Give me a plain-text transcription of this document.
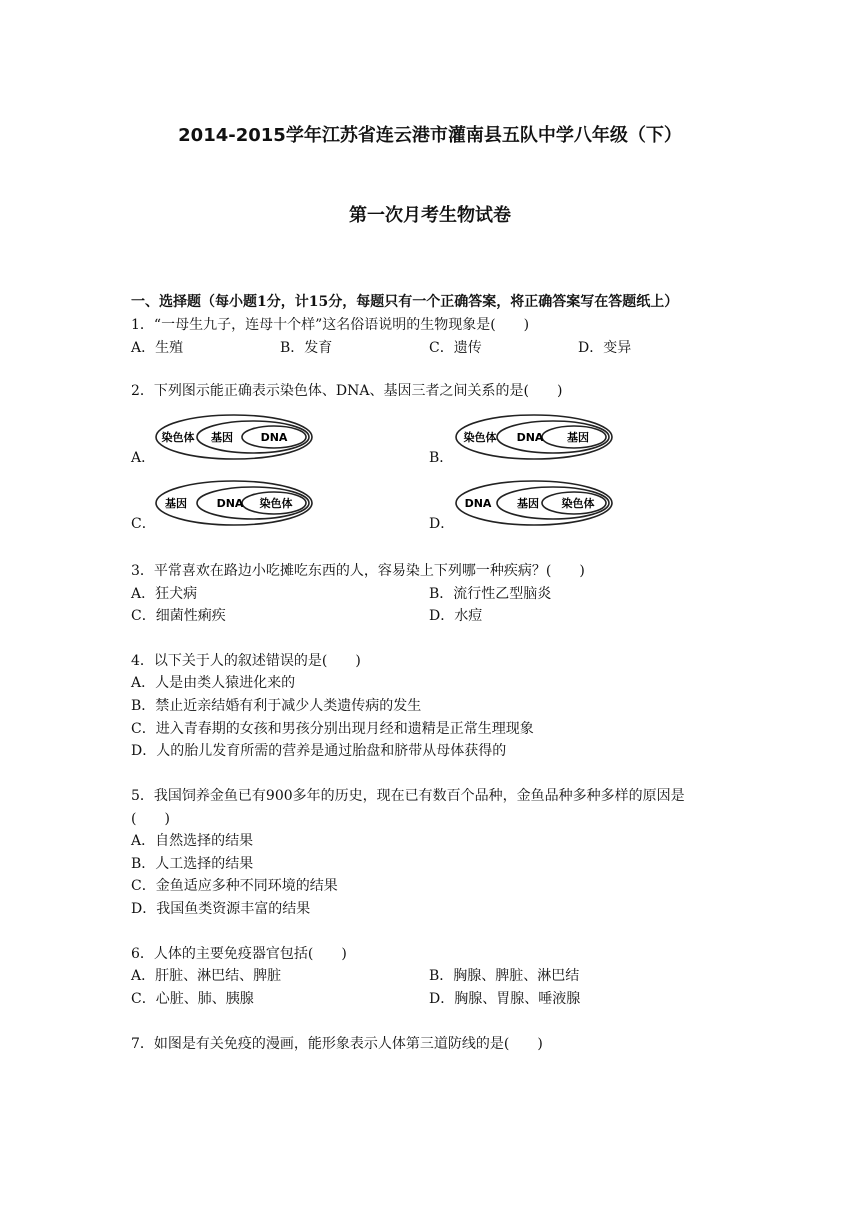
2014-2015学年江苏省连云港市灌南县五队中学八年级（下）
第一次月考生物试卷
一、选择题（每小题1分，计15分，每题只有一个正确答案，将正确答案写在答题纸上）
1．“一母生九子，连母十个样”这名俗语说明的生物现象是(　　)
A．生殖	B．发育	C．遗传	D．变异
2．下列图示能正确表示染色体、DNA、基因三者之间关系的是(　　)
A．
染色体 基因	DNA
B．
染色体 DNA 基因
C．
基因	DNA 染色体
D．
DNA 基因 染色体
3．平常喜欢在路边小吃摊吃东西的人，容易染上下列哪一种疾病？(　　)
A．狂犬病	B．流行性乙型脑炎
C．细菌性痢疾	D．水痘
4．以下关于人的叙述错误的是(　　)
A．人是由类人猿进化来的
B．禁止近亲结婚有利于减少人类遗传病的发生
C．进入青春期的女孩和男孩分别出现月经和遗精是正常生理现象
D．人的胎儿发育所需的营养是通过胎盘和脐带从母体获得的
5．我国饲养金鱼已有900多年的历史，现在已有数百个品种，金鱼品种多种多样的原因是
(　　)
A．自然选择的结果
B．人工选择的结果
C．金鱼适应多种不同环境的结果
D．我国鱼类资源丰富的结果
6．人体的主要免疫器官包括(　　)
A．肝脏、淋巴结、脾脏	B．胸腺、脾脏、淋巴结
C．心脏、肺、胰腺	D．胸腺、胃腺、唾液腺
7．如图是有关免疫的漫画，能形象表示人体第三道防线的是(　　)
